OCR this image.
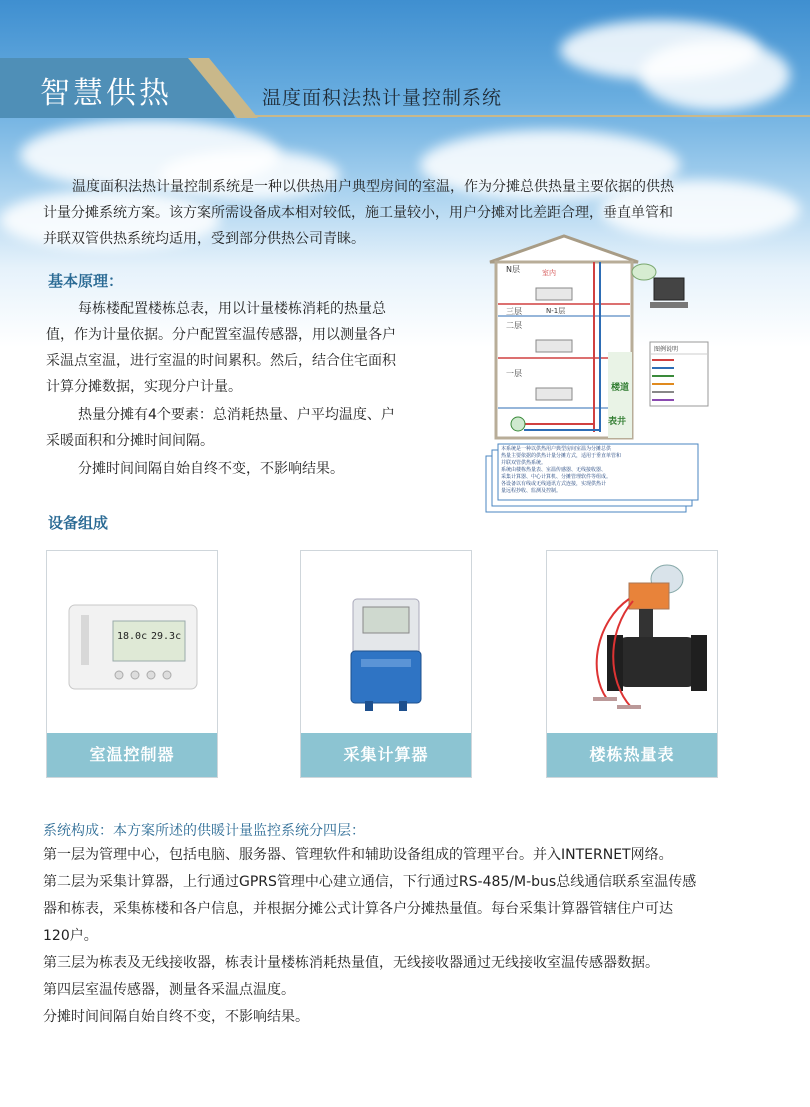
智慧供热	温度面积法热计量控制系统
温度面积法热计量控制系统是一种以供热用户典型房间的室温，作为分摊总供热量主要依据的供热
计量分摊系统方案。该方案所需设备成本相对较低，施工量较小，用户分摊对比差距合理，垂直单管和
并联双管供热系统均适用，受到部分供热公司青睐。
基本原理：
每栋楼配置楼栋总表，用以计量楼栋消耗的热量总
值，作为计量依据。分户配置室温传感器，用以测量各户
采温点室温，进行室温的时间累积。然后，结合住宅面积
计算分摊数据，实现分户计量。
热量分摊有4个要素：总消耗热量、户平均温度、户
采暖面积和分摊时间间隔。
分摊时间间隔自始自终不变，不影响结果。
N层
三层
二层
一层
N-1层
室内
楼道
表井
图例说明
本系统是一种以供热用户典型房间室温为分摊总供
热量主要依据的供热计量分摊方式，适用于垂直单管和
并联双管供热系统。
系统由楼栋热量表、室温传感器、无线接收器、
采集计算器、中心计算机、分摊管理软件等组成。
各设备以有线或无线通讯方式连接，实现供热计
量远程抄收、监测及控制。
设备组成
18.0c 29.3c
室温控制器	采集计算器	楼栋热量表
系统构成：本方案所述的供暖计量监控系统分四层：
第一层为管理中心，包括电脑、服务器、管理软件和辅助设备组成的管理平台。并入INTERNET网络。
第二层为采集计算器，上行通过GPRS管理中心建立通信，下行通过RS-485/M-bus总线通信联系室温传感
器和栋表，采集栋楼和各户信息，并根据分摊公式计算各户分摊热量值。每台采集计算器管辖住户可达
120户。
第三层为栋表及无线接收器，栋表计量楼栋消耗热量值，无线接收器通过无线接收室温传感器数据。
第四层室温传感器，测量各采温点温度。
分摊时间间隔自始自终不变，不影响结果。
